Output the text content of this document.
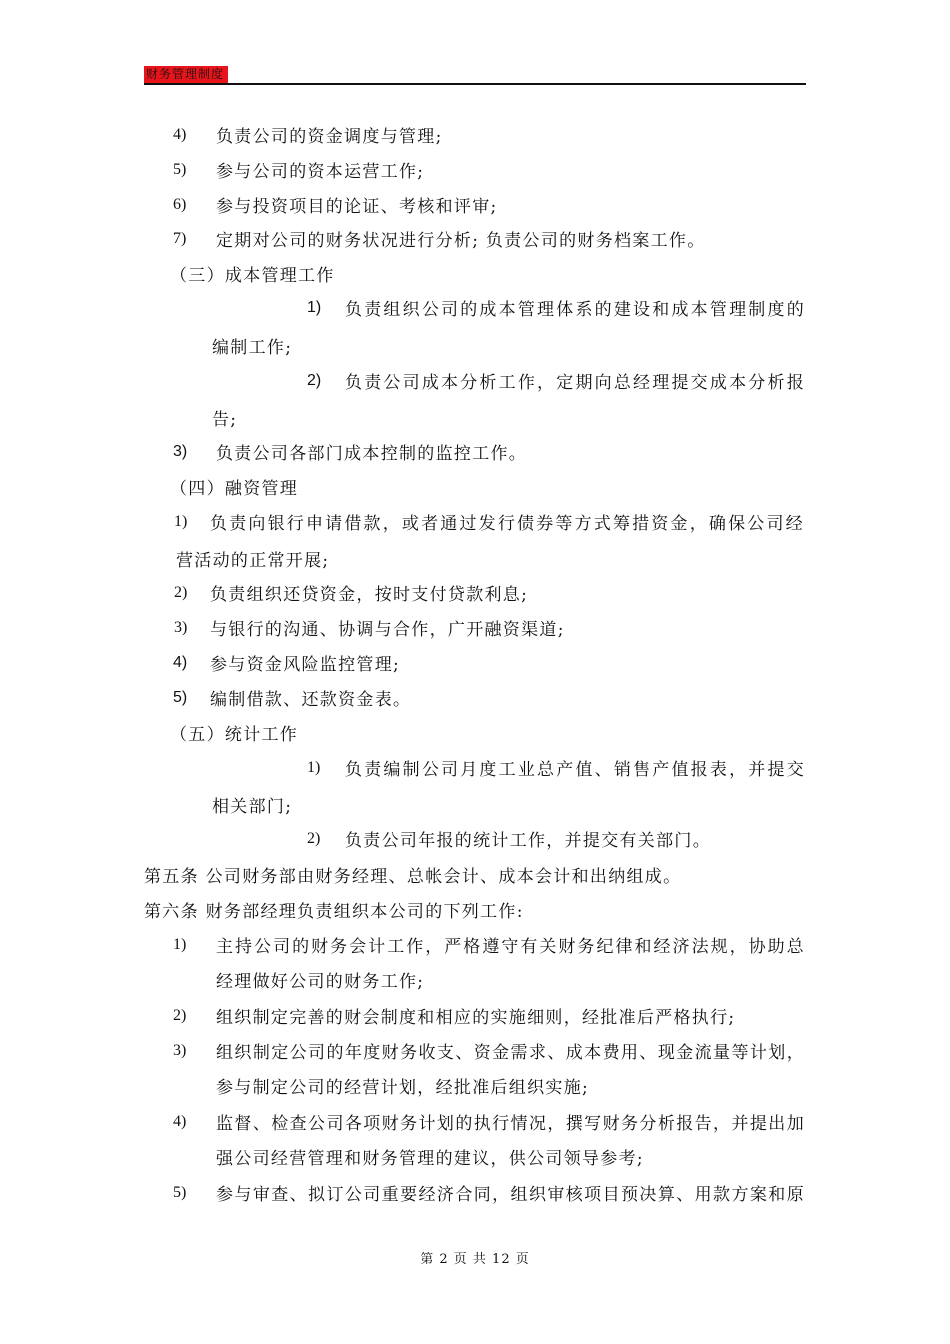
财务管理制度
4) 负责公司的资金调度与管理;
5) 参与公司的资本运营工作;
6) 参与投资项目的论证、考核和评审;
7) 定期对公司的财务状况进行分析; 负责公司的财务档案工作。
（三）成本管理工作
1) 负责组织公司的成本管理体系的建设和成本管理制度的
编制工作;
2) 负责公司成本分析工作，定期向总经理提交成本分析报
告;
3) 负责公司各部门成本控制的监控工作。
（四）融资管理
1) 负责向银行申请借款，或者通过发行债券等方式筹措资金，确保公司经
营活动的正常开展;
2) 负责组织还贷资金，按时支付贷款利息;
3) 与银行的沟通、协调与合作，广开融资渠道;
4) 参与资金风险监控管理;
5) 编制借款、还款资金表。
（五）统计工作
1) 负责编制公司月度工业总产值、销售产值报表，并提交
相关部门;
2) 负责公司年报的统计工作，并提交有关部门。
第五条 公司财务部由财务经理、总帐会计、成本会计和出纳组成。
第六条 财务部经理负责组织本公司的下列工作:
1) 主持公司的财务会计工作，严格遵守有关财务纪律和经济法规，协助总
经理做好公司的财务工作;
2) 组织制定完善的财会制度和相应的实施细则，经批准后严格执行;
3) 组织制定公司的年度财务收支、资金需求、成本费用、现金流量等计划，
参与制定公司的经营计划，经批准后组织实施;
4) 监督、检查公司各项财务计划的执行情况，撰写财务分析报告，并提出加
强公司经营管理和财务管理的建议，供公司领导参考;
5) 参与审查、拟订公司重要经济合同，组织审核项目预决算、用款方案和原
第 2 页 共 12 页
